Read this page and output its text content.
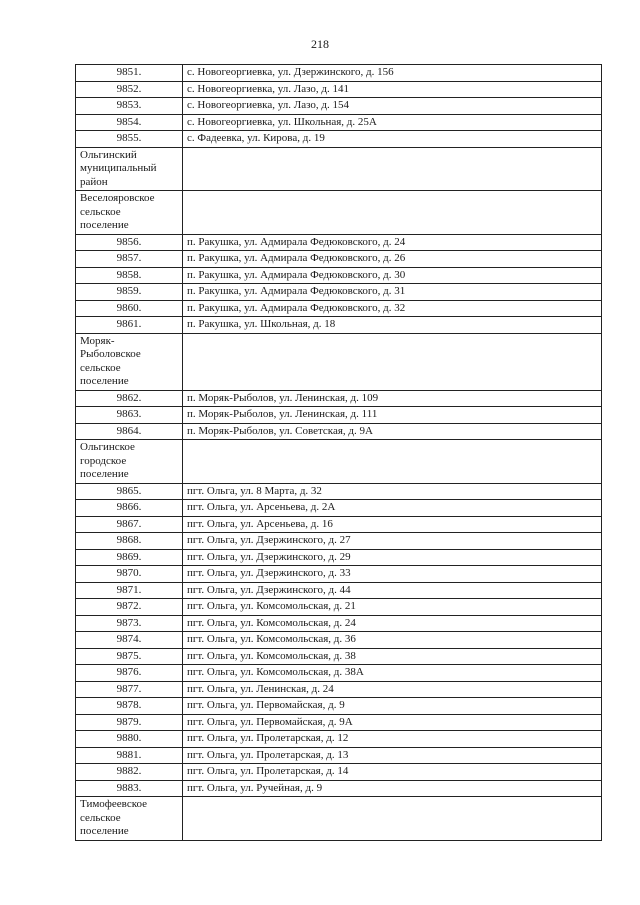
218
9851.	с. Новогеоргиевка, ул. Дзержинского, д. 156
9852.	с. Новогеоргиевка, ул. Лазо, д. 141
9853.	с. Новогеоргиевка, ул. Лазо, д. 154
9854.	с. Новогеоргиевка, ул. Школьная, д. 25А
9855.	с. Фадеевка, ул. Кирова, д. 19

Ольгинский
муниципальный
район	

Веселояровское
сельское
поселение	

9856.	п. Ракушка, ул. Адмирала Федюковского, д. 24
9857.	п. Ракушка, ул. Адмирала Федюковского, д. 26
9858.	п. Ракушка, ул. Адмирала Федюковского, д. 30
9859.	п. Ракушка, ул. Адмирала Федюковского, д. 31
9860.	п. Ракушка, ул. Адмирала Федюковского, д. 32
9861.	п. Ракушка, ул. Школьная, д. 18

Моряк-
Рыболовское
сельское
поселение	

9862.	п. Моряк-Рыболов, ул. Ленинская, д. 109
9863.	п. Моряк-Рыболов, ул. Ленинская, д. 111
9864.	п. Моряк-Рыболов, ул. Советская, д. 9А

Ольгинское
городское
поселение	

9865.	пгт. Ольга, ул. 8 Марта, д. 32
9866.	пгт. Ольга, ул. Арсеньева, д. 2А
9867.	пгт. Ольга, ул. Арсеньева, д. 16
9868.	пгт. Ольга, ул. Дзержинского, д. 27
9869.	пгт. Ольга, ул. Дзержинского, д. 29
9870.	пгт. Ольга, ул. Дзержинского, д. 33
9871.	пгт. Ольга, ул. Дзержинского, д. 44
9872.	пгт. Ольга, ул. Комсомольская, д. 21
9873.	пгт. Ольга, ул. Комсомольская, д. 24
9874.	пгт. Ольга, ул. Комсомольская, д. 36
9875.	пгт. Ольга, ул. Комсомольская, д. 38
9876.	пгт. Ольга, ул. Комсомольская, д. 38А
9877.	пгт. Ольга, ул. Ленинская, д. 24
9878.	пгт. Ольга, ул. Первомайская, д. 9
9879.	пгт. Ольга, ул. Первомайская, д. 9А
9880.	пгт. Ольга, ул. Пролетарская, д. 12
9881.	пгт. Ольга, ул. Пролетарская, д. 13
9882.	пгт. Ольга, ул. Пролетарская, д. 14
9883.	пгт. Ольга, ул. Ручейная, д. 9

Тимофеевское
сельское
поселение	
